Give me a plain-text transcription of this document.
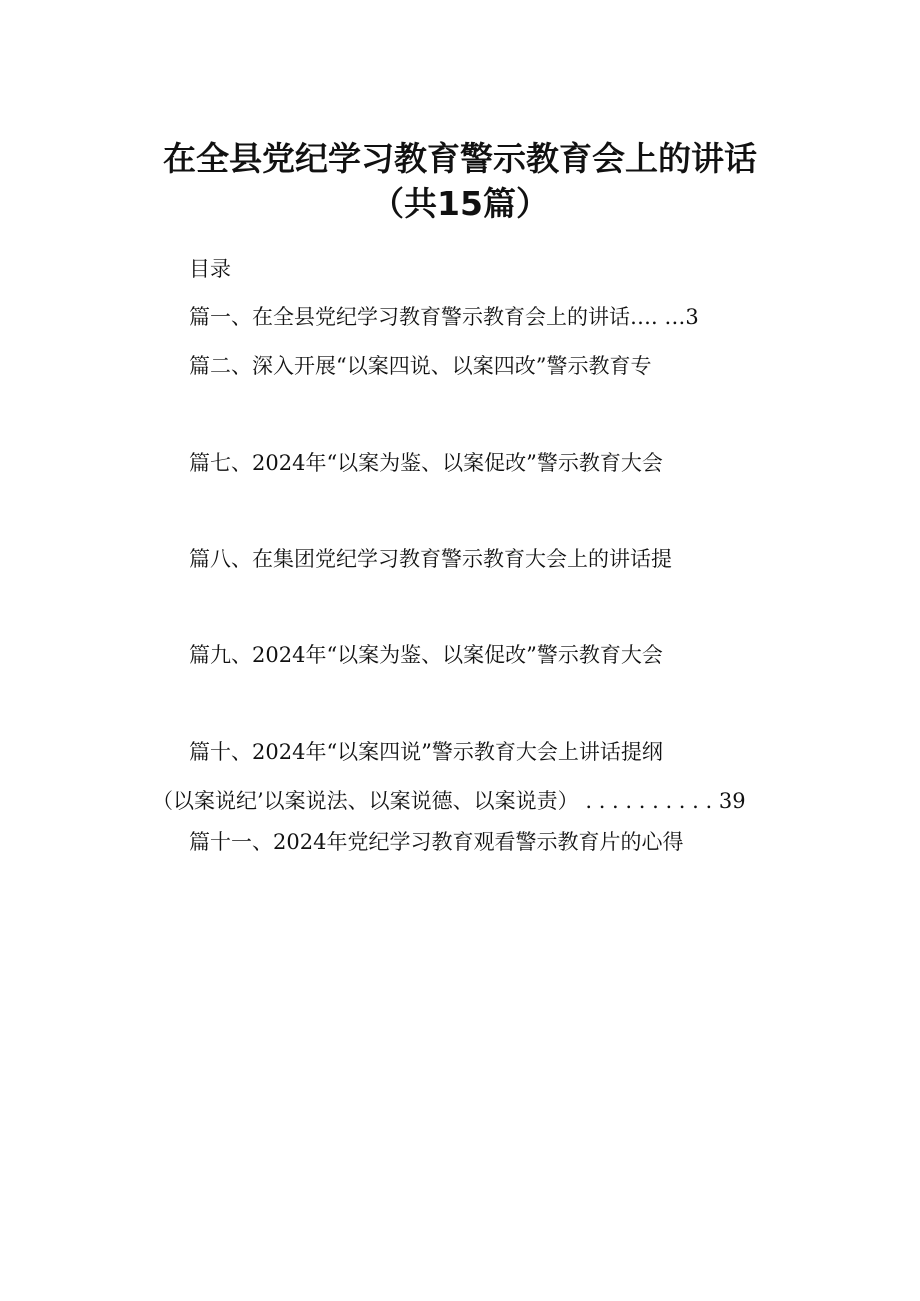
在全县党纪学习教育警示教育会上的讲话
（共15篇）
目录
篇一、在全县党纪学习教育警示教育会上的讲话…. …3
篇二、深入开展“以案四说、以案四改”警示教育专
篇七、2024年“以案为鉴、以案促改”警示教育大会
篇八、在集团党纪学习教育警示教育大会上的讲话提
篇九、2024年“以案为鉴、以案促改”警示教育大会
篇十、2024年“以案四说”警示教育大会上讲话提纲
（以案说纪’以案说法、以案说德、以案说责） . . . . . . . . . . 39
篇十一、2024年党纪学习教育观看警示教育片的心得
